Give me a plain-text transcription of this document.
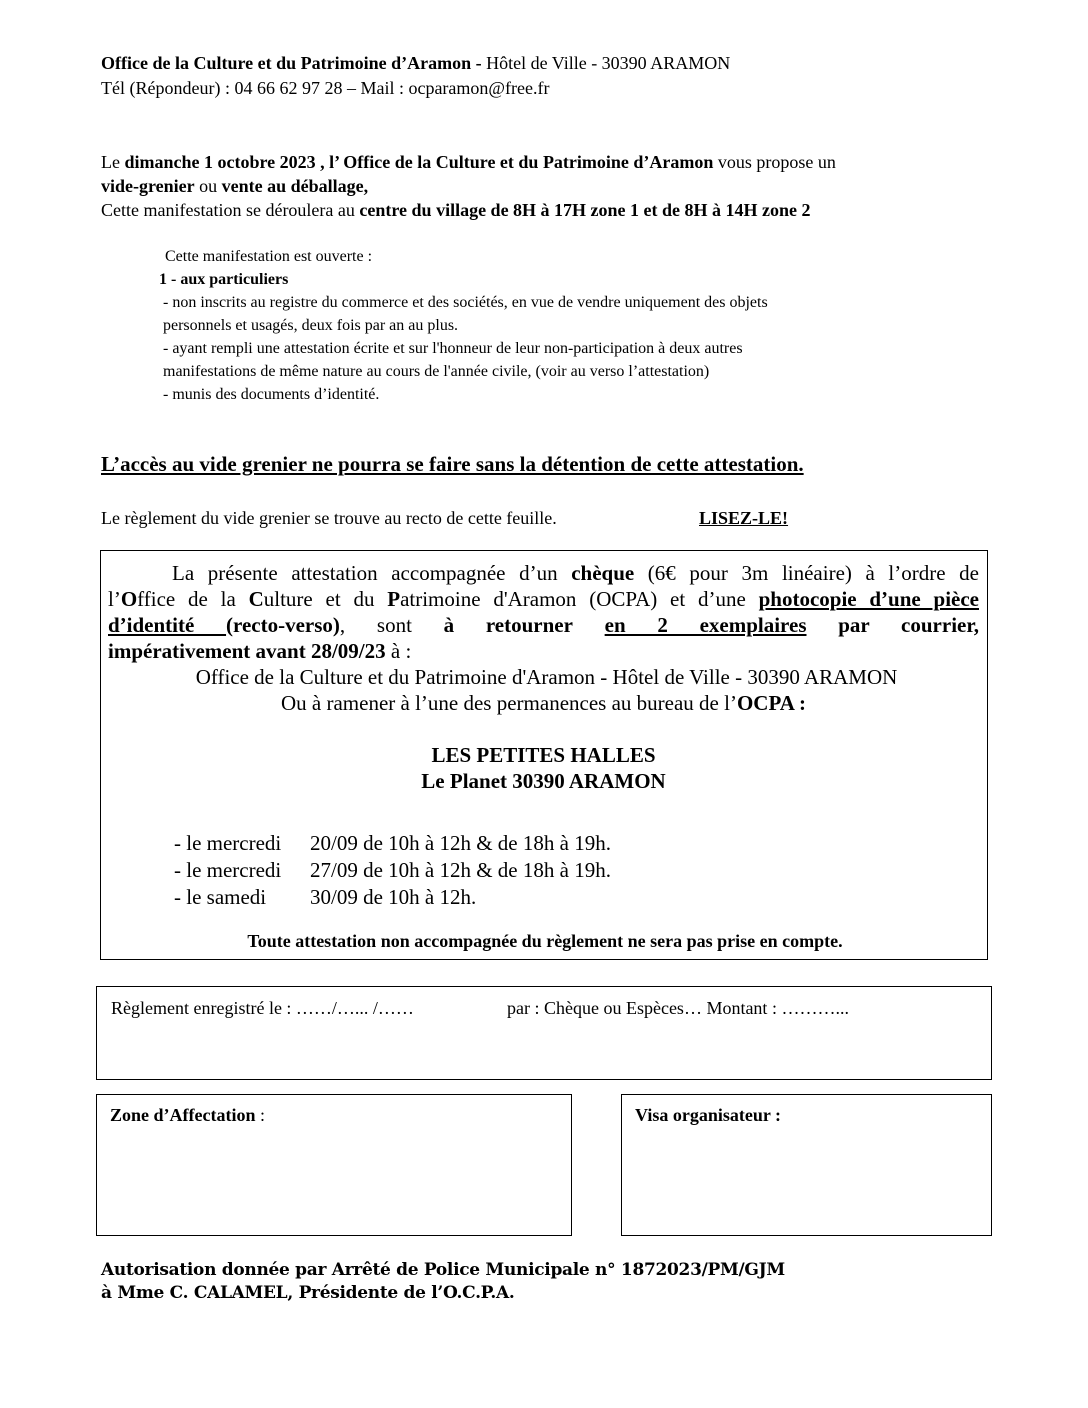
Office de la Culture et du Patrimoine d’Aramon - Hôtel de Ville - 30390 ARAMON
Tél (Répondeur) : 04 66 62 97 28 – Mail : ocparamon@free.fr
Le dimanche 1 octobre 2023 , l’ Office de la Culture et du Patrimoine d’Aramon vous propose un
vide-grenier ou vente au déballage,
Cette manifestation se déroulera au centre du village de 8H à 17H zone 1 et de 8H à 14H zone 2
Cette manifestation est ouverte :
1 - aux particuliers
- non inscrits au registre du commerce et des sociétés, en vue de vendre uniquement des objets
personnels et usagés, deux fois par an au plus.
- ayant rempli une attestation écrite et sur l'honneur de leur non-participation à deux autres
manifestations de même nature au cours de l'année civile, (voir au verso l’attestation)
- munis des documents d’identité.
L’accès au vide grenier ne pourra se faire sans la détention de cette attestation.
Le règlement du vide grenier se trouve au recto de cette feuille.	LISEZ-LE!
La présente attestation accompagnée d’un chèque (6€ pour 3m linéaire) à l’ordre de
l’Office de la Culture et du Patrimoine d'Aramon (OCPA) et d’une photocopie d’une pièce
d’identité (recto-verso), sont à retourner en 2 exemplaires par courrier,
impérativement avant 28/09/23 à :
Office de la Culture et du Patrimoine d'Aramon - Hôtel de Ville - 30390 ARAMON
Ou à ramener à l’une des permanences au bureau de l’OCPA :
LES PETITES HALLES
Le Planet 30390 ARAMON
- le mercredi 20/09 de 10h à 12h & de 18h à 19h.
- le mercredi 27/09 de 10h à 12h & de 18h à 19h.
- le samedi 30/09 de 10h à 12h.
Toute attestation non accompagnée du règlement ne sera pas prise en compte.
Règlement enregistré le : ……/…... /……	par : Chèque ou Espèces… Montant : ………...
Zone d’Affectation :	Visa organisateur :
Autorisation donnée par Arrêté de Police Municipale n° 1872023/PM/GJM
à Mme C. CALAMEL, Présidente de l’O.C.P.A.
